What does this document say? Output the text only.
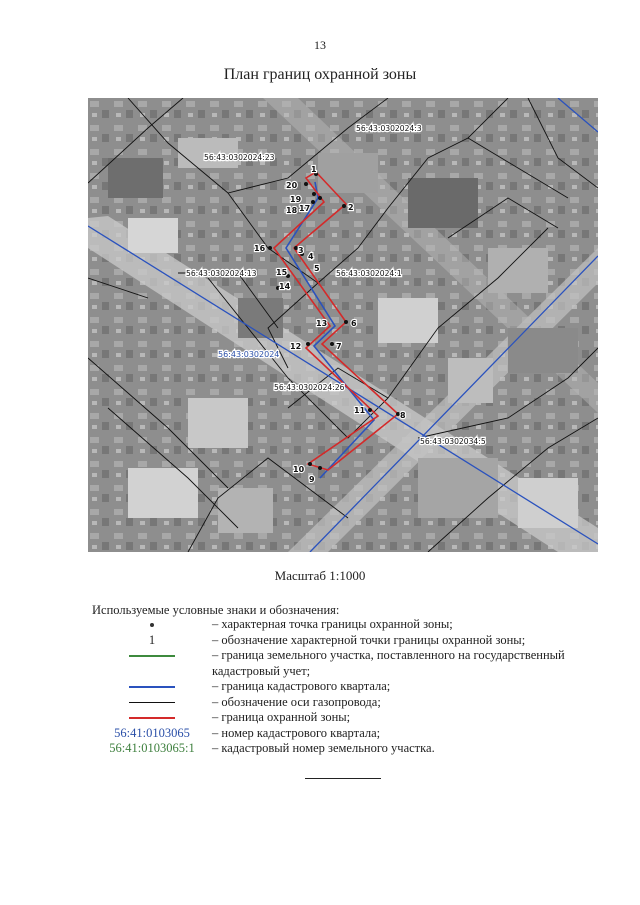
13
План границ охранной зоны
1
20
19
18 17	2
16	3
4
5
15
14
13	6
12	7
11
8
10
9
56:43:0302024:3
56:43:0302024:23
56:43:0302024:13	56:43:0302024:1
56:43:0302024:26
56:43:0302034:5
56:43:0302024
Масштаб 1:1000
Используемые условные знаки и обозначения:
– характерная точка границы охранной зоны;
1	– обозначение характерной точки границы охранной зоны;
– граница земельного участка, поставленного на государственный кадастровый учет;
– граница кадастрового квартала;
– обозначение оси газопровода;
– граница охранной зоны;
56:41:0103065 – номер кадастрового квартала;
56:41:0103065:1 – кадастровый номер земельного участка.
